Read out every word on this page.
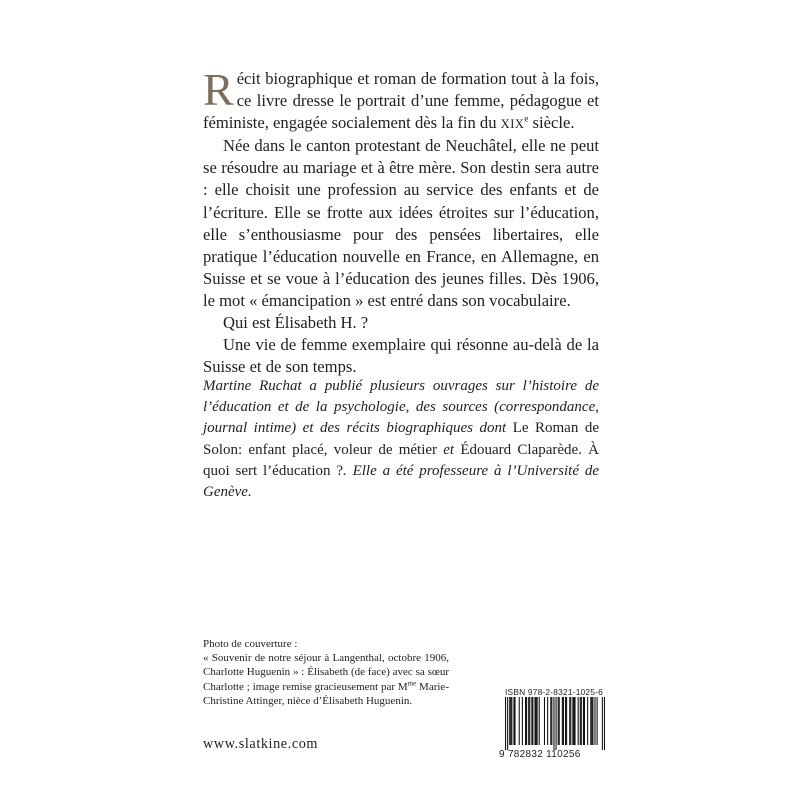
Récit biographique et roman de formation tout à la fois, ce livre dresse le portrait d’une femme, pédagogue et féministe, engagée socialement dès la fin du XIXe siècle.

Née dans le canton protestant de Neuchâtel, elle ne peut se résoudre au mariage et à être mère. Son destin sera autre : elle choisit une profession au service des enfants et de l’écriture. Elle se frotte aux idées étroites sur l’éducation, elle s’enthousiasme pour des pensées libertaires, elle pratique l’éducation nouvelle en France, en Allemagne, en Suisse et se voue à l’éducation des jeunes filles. Dès 1906, le mot « émancipation » est entré dans son vocabulaire.

Qui est Élisabeth H. ?

Une vie de femme exemplaire qui résonne au-delà de la Suisse et de son temps.

Martine Ruchat a publié plusieurs ouvrages sur l’histoire de l’éducation et de la psychologie, des sources (correspondance, journal intime) et des récits biographiques dont Le Roman de Solon: enfant placé, voleur de métier et Édouard Claparède. À quoi sert l’éducation ?. Elle a été professeure à l’Université de Genève.

Photo de couverture :

« Souvenir de notre séjour à Langenthal, octobre 1906, Charlotte Huguenin » : Élisabeth (de face) avec sa sœur Charlotte ; image remise gracieusement par $M^{me}$ Marie-Christine Attinger, nièce d’Élisabeth Huguenin.

www.slatkine.com
ISBN 978-2-8321-1025-6
9 782832 110256
